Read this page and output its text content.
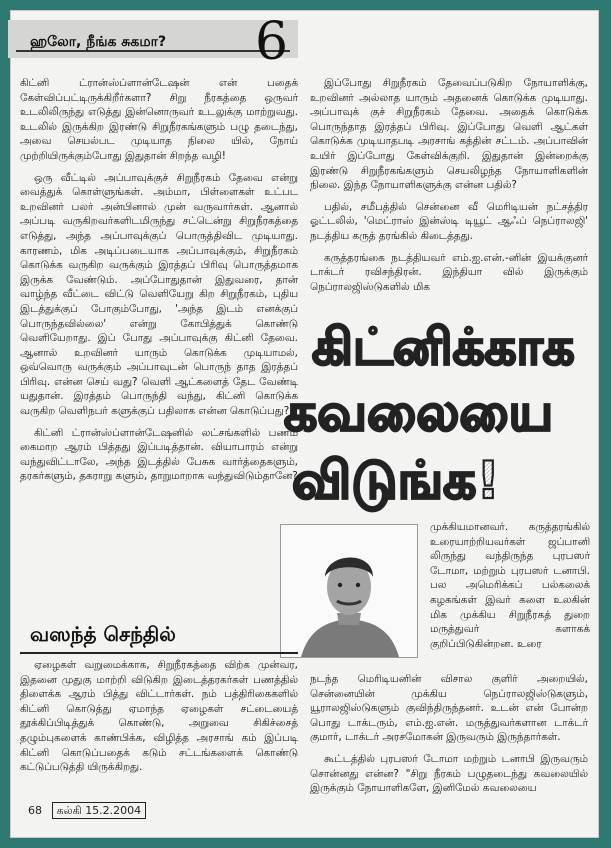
ஹலோ, நீங்க சுகமா? 6

கிட்னி ட்ரான்ஸ்ப்ளான்டேஷன் என் பதைக் கேள்விப்பட்டிருக்கிறீர்களா? சிறு நீரகத்தை ஒருவர் உடலிலிருந்து எடுத்து இன்னொருவர் உடலுக்கு மாற்றுவது. உடலில் இருக்கிற இரண்டு சிறுநீரகங்களும் பழு தடைந்து, அவை செயல்பட முடியாத நிலை யில், நோய் முற்றியிருக்கும்போது இதுதான் சிறந்த வழி!

ஒரு வீட்டில் அப்பாவுக்குச் சிறுநீரகம் தேவை என்று வைத்துக் கொள்ளுங்கள். அம்மா, பிள்ளைகள் உட்பட உறவினர் பலர் அன்பினால் முன் வருவார்கள். ஆனால் அப்படி வருகிறவர்களிடமிருந்து சட்டென்று சிறுநீரகத்தை எடுத்து, அந்த அப்பாவுக்குப் பொருத்திவிட முடியாது. காரணம், மிக அடிப்படையாக அப்பாவுக்கும், சிறுநீரகம் கொடுக்க வருகிற வருக்கும் இரத்தப் பிரிவு பொருத்தமாக இருக்க வேண்டும். அப்போதுதான் இதுவரை, தான் வாழ்ந்த வீட்டை விட்டு வெளியேறு கிற சிறுநீரகம், புதிய இடத்துக்குப் போகும்போது, 'அந்த இடம் எனக்குப் பொருந்தவில்லை' என்று கோபித்துக் கொண்டு வெளியேறாது. இப் போது அப்பாவுக்கு கிட்னி தேவை. ஆனால் உறவினர் யாரும் கொடுக்க முடியாமல், ஒவ்வொரு வருக்கும் அப்பாவுடன் பொருந் தாத இரத்தப் பிரிவு. என்ன செய் வது? வெளி ஆட்களைத் தேட வேண்டி யதுதான். இரத்தம் பொருந்தி வந்து, கிட்னி கொடுக்க வருகிற வெளிநபர் களுக்குப் பதிலாக என்ன கொடுப்பது?

கிட்னி ட்ரான்ஸ்ப்ளான்டேஷனில் லட்சங்களில் பணம் கைமாற ஆரம் பித்தது இப்படித்தான். வியாபாரம் என்று வந்துவிட்டாலே, அந்த இடத்தில் பேசுக வார்த்தைகளும், தரகர்களும், தகராறு களும், தாறுமாறாக வந்துவிடும்தானே?

இப்போது சிறுநீரகம் தேவைப்படுகிற நோயாளிக்கு, உறவினர் அல்லாத யாரும் அதனைக் கொடுக்க முடியாது. அப்பாவுக் குச் சிறுநீரகம் தேவை. அதைக் கொடுக்க பொருந்தாத இரத்தப் பிரிவு. இப்போது வெளி ஆட்கள் கொடுக்க முடியாதபடி அரசாங் கத்தின் சட்டம். அப்பாவின் உயிர் இப்போது கேள்விக்குறி. இதுதான் இன்றைக்கு இரண்டு சிறுநீரகங்களும் செயலிழந்த நோயாளிகளின் நிலை. இந்த நோயாளிகளுக்கு என்ன பதில்?

பதில், சமீபத்தில் சென்னை வீ மெரிடியன் நட்சத்திர ஓட்டலில், 'மெட்ராஸ் இன்ஸ்டி டியூட் ஆஃப் நெப்ராலஜி' நடத்திய கருத் தரங்கில் கிடைத்தது.

கருத்தரங்கை நடத்தியவர் எம்.ஐ.என்.-னின் இயக்குனர் டாக்டர் ரவிசந்திரன். இந்தியா வில் இருக்கும் நெப்ராலஜிஸ்டுகளில் மிக

கிட்னிக்காக
கவலையை
விடுங்க!
வஸந்த் செந்தில்

ஏழைகள் வறுமைக்காக, சிறுநீரகத்தை விற்க முன்வர, இதனை முதுகு மாற்றி விடுகிற இடைத்தரகர்கள் பணத்தில் திளைக்க ஆரம் பித்து விட்டார்கள். நம் பத்திரிகைகளில் கிட்னி கொடுத்து ஏமாந்த ஏழைகள் சட்டையைத் தூக்கிப்பிடித்துக் கொண்டு, அறுவை சிகிச்சைத் தழும்புகளைக் காண்பிக்க, விழித்த அரசாங் கம் இப்படி கிட்னி கொடுப்பதைக் கடும் சட்டங்களைக் கொண்டு கட்டுப்படுத்தி யிருக்கிறது.

முக்கியமானவர். கருத்தரங்கில் உரையாற்றியவர்கள் ஜப்பானி லிருந்து வந்திருந்த புரபஸர் டோமா, மற்றும் புரபஸர் டனாபி. பல அமெரிக்கப் பல்கலைக் கழகங்கள் இவர் களை உலகின் மிக முக்கிய சிறுநீரகத் துறை மருத்துவர் களாகக் குறிப்பிடுகின்றன. உரை

நடந்த மெரிடியனின் விசால குளிர் அறையில், சென்னையின் முக்கிய நெப்ராலஜிஸ்டுகளும், யூராலஜிஸ்டுகளும் குவிந்திருந்தனர். உடன் என் போன்ற பொது டாக்டரும், எம்.ஐ.என். மருத்துவர்களான டாக்டர் குமார், டாக்டர் அரசமோகன் இருவரும் இருந்தார்கள்.

கூட்டத்தில் புரபஸர் டோமா மற்றும் டனாபி இருவரும் சொன்னது என்ன? "சிறு நீரகம் பழுதடைந்து கவலையில் இருக்கும் நோயாளிகளே, இனிமேல் கவலையை

68 கல்கி 15.2.2004
